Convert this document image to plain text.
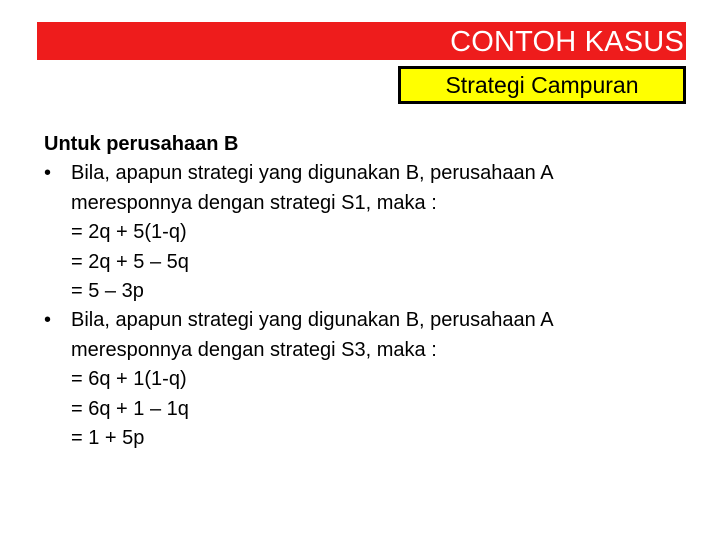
CONTOH KASUS
Strategi Campuran
Untuk perusahaan B
• Bila, apapun strategi yang digunakan B, perusahaan A
meresponnya dengan strategi S1, maka :
= 2q + 5(1-q)
= 2q + 5 – 5q
= 5 – 3p
• Bila, apapun strategi yang digunakan B, perusahaan A
meresponnya dengan strategi S3, maka :
= 6q + 1(1-q)
= 6q + 1 – 1q
= 1 + 5p
